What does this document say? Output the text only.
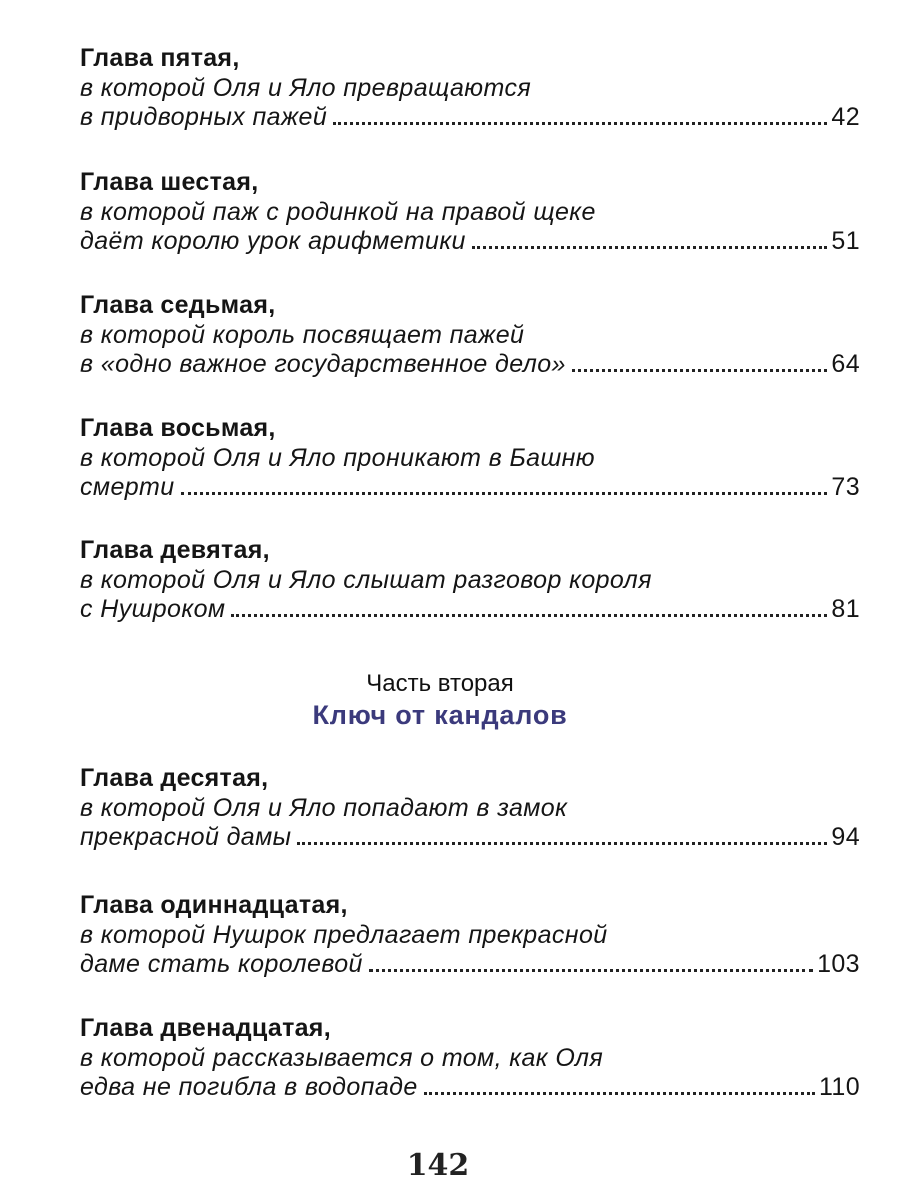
Глава пятая,
в которой Оля и Яло превращаются
в придворных пажей	42
Глава шестая,
в которой паж с родинкой на правой щеке
даёт королю урок арифметики	51
Глава седьмая,
в которой король посвящает пажей
в «одно важное государственное дело»	64
Глава восьмая,
в которой Оля и Яло проникают в Башню
смерти	73
Глава девятая,
в которой Оля и Яло слышат разговор короля
с Нушроком	81
Глава десятая,
в которой Оля и Яло попадают в замок
прекрасной дамы	94
Глава одиннадцатая,
в которой Нушрок предлагает прекрасной
даме стать королевой	103
Глава двенадцатая,
в которой рассказывается о том, как Оля
едва не погибла в водопаде	110
Часть вторая
Ключ от кандалов
142
